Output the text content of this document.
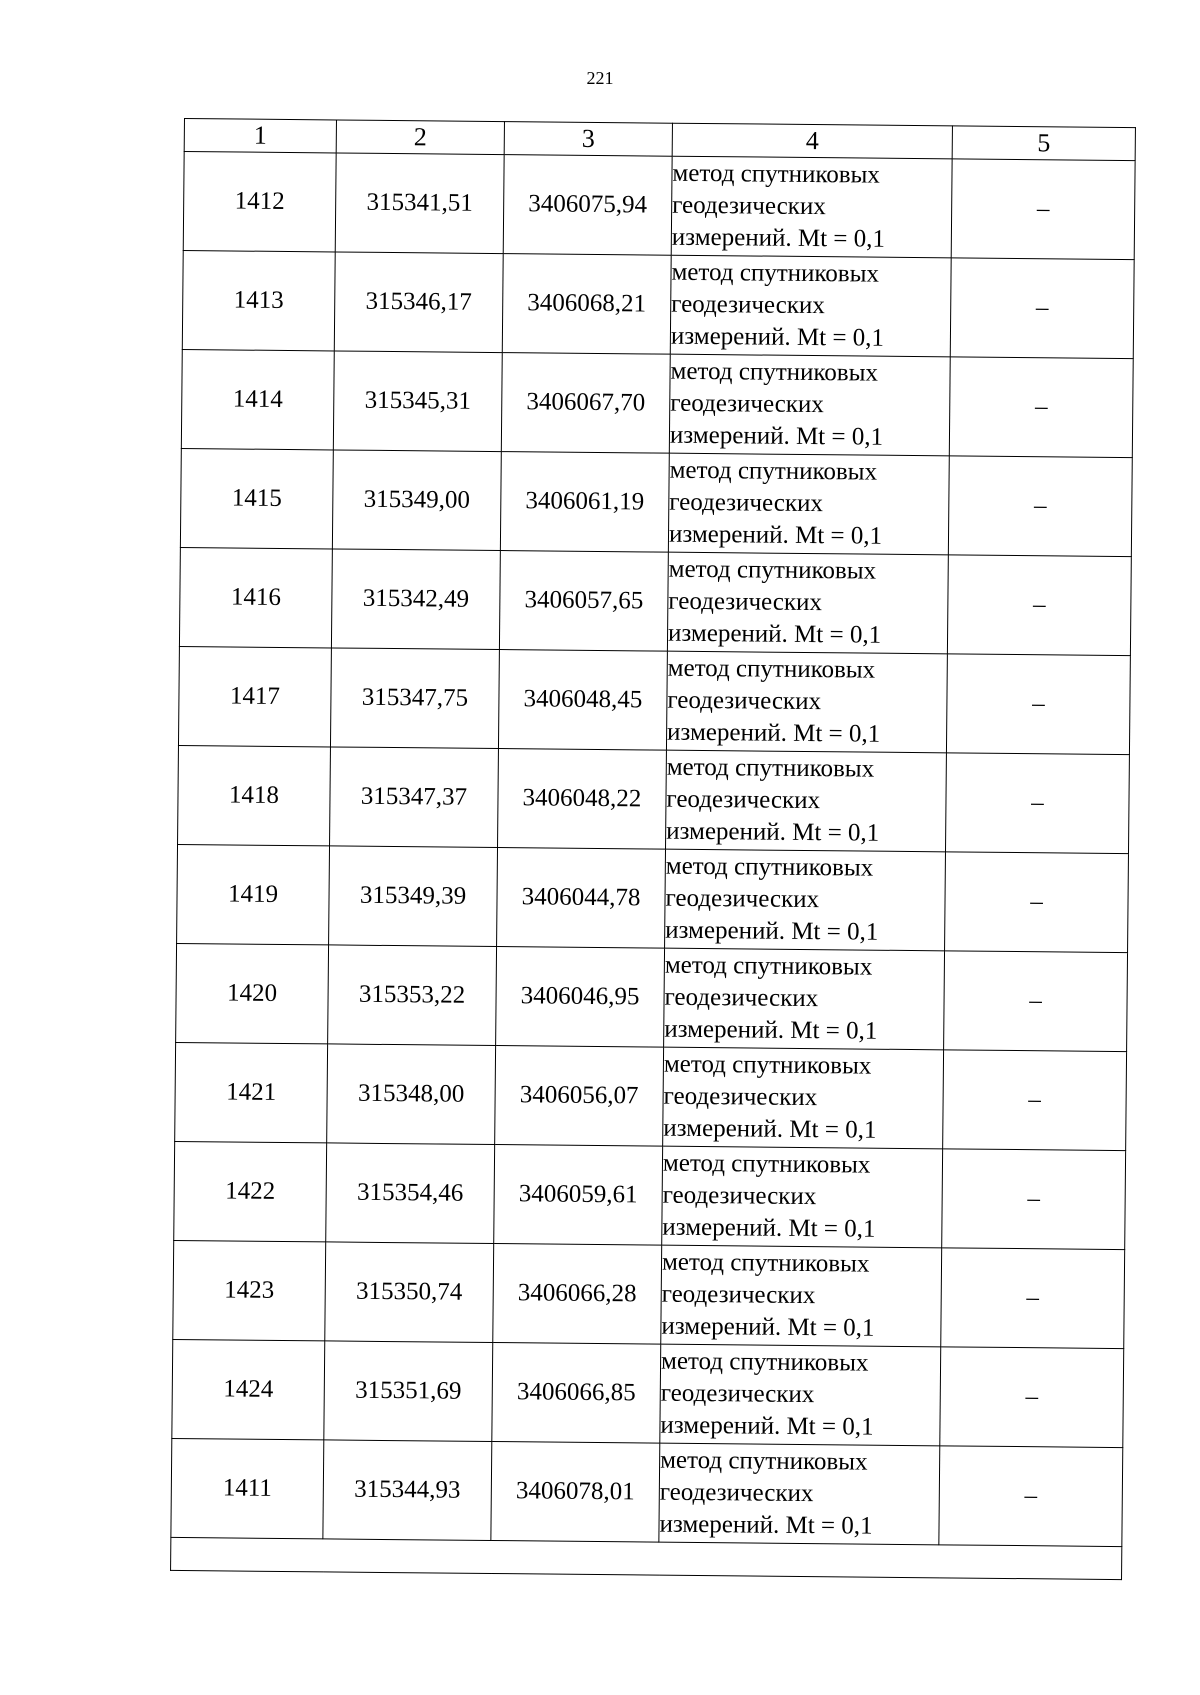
221
1	2	3	4	5
1412	315341,51	3406075,94	метод спутниковых
геодезических
измерений. Mt = 0,1	–
1413	315346,17	3406068,21	метод спутниковых
геодезических
измерений. Mt = 0,1	–
1414	315345,31	3406067,70	метод спутниковых
геодезических
измерений. Mt = 0,1	–
1415	315349,00	3406061,19	метод спутниковых
геодезических
измерений. Mt = 0,1	–
1416	315342,49	3406057,65	метод спутниковых
геодезических
измерений. Mt = 0,1	–
1417	315347,75	3406048,45	метод спутниковых
геодезических
измерений. Mt = 0,1	–
1418	315347,37	3406048,22	метод спутниковых
геодезических
измерений. Mt = 0,1	–
1419	315349,39	3406044,78	метод спутниковых
геодезических
измерений. Mt = 0,1	–
1420	315353,22	3406046,95	метод спутниковых
геодезических
измерений. Mt = 0,1	–
1421	315348,00	3406056,07	метод спутниковых
геодезических
измерений. Mt = 0,1	–
1422	315354,46	3406059,61	метод спутниковых
геодезических
измерений. Mt = 0,1	–
1423	315350,74	3406066,28	метод спутниковых
геодезических
измерений. Mt = 0,1	–
1424	315351,69	3406066,85	метод спутниковых
геодезических
измерений. Mt = 0,1	–
1411	315344,93	3406078,01	метод спутниковых
геодезических
измерений. Mt = 0,1	–
